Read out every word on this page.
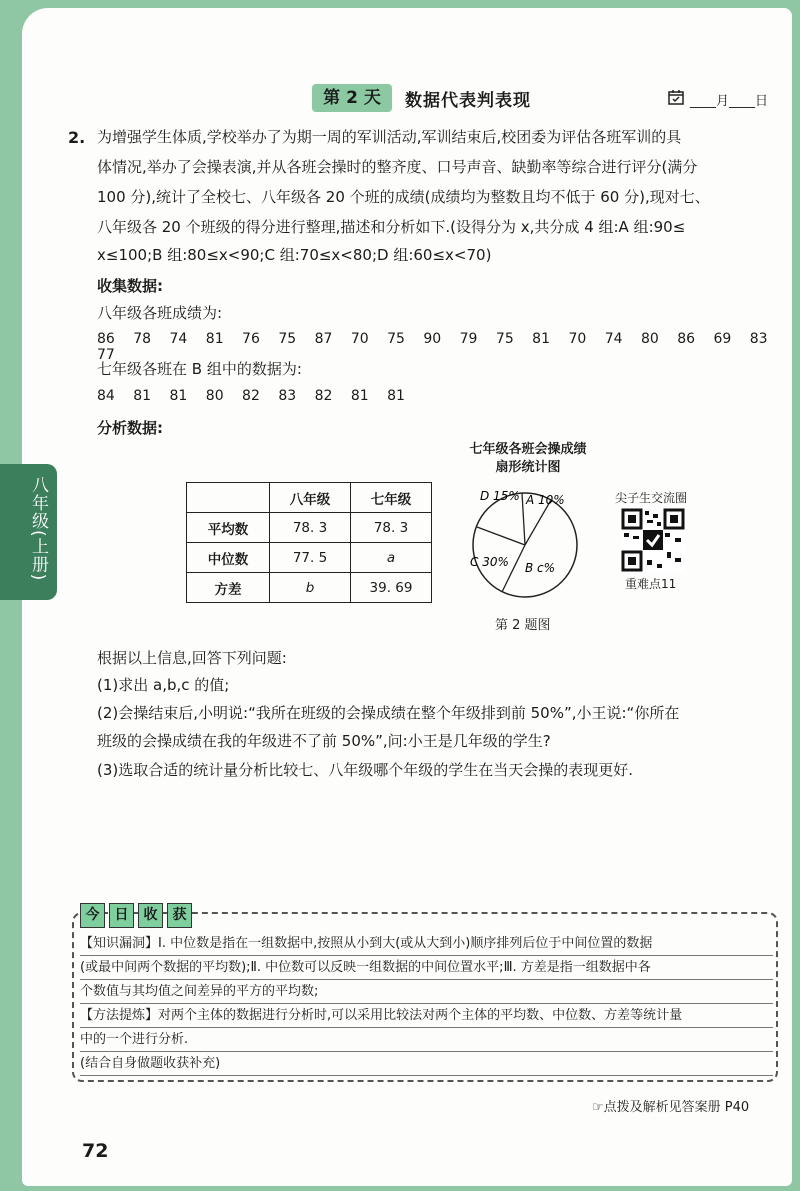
八年级(上册)
第 2 天	数据代表判表现	____月____日
2. 为增强学生体质,学校举办了为期一周的军训活动,军训结束后,校团委为评估各班军训的具
体情况,举办了会操表演,并从各班会操时的整齐度、口号声音、缺勤率等综合进行评分(满分
100 分),统计了全校七、八年级各 20 个班的成绩(成绩均为整数且均不低于 60 分),现对七、
八年级各 20 个班级的得分进行整理,描述和分析如下.(设得分为 x,共分成 4 组:A 组:90≤
x≤100;B 组:80≤x<90;C 组:70≤x<80;D 组:60≤x<70)
收集数据:
八年级各班成绩为:
86 78 74 81 76 75 87 70 75 90 79 75 81 70 74 80 86 69 83 77
七年级各班在 B 组中的数据为:
84 81 81 80 82 83 82 81 81
分析数据:
	八年级	七年级
平均数	78. 3	78. 3
中位数	77. 5	a
方差	b	39. 69
七年级各班会操成绩
扇形统计图
A 10%
B c%
C 30%
D 15%
第 2 题图
尖子生交流圈
重难点11
根据以上信息,回答下列问题:
(1)求出 a,b,c 的值;
(2)会操结束后,小明说:“我所在班级的会操成绩在整个年级排到前 50%”,小王说:“你所在
班级的会操成绩在我的年级进不了前 50%”,问:小王是几年级的学生?
(3)选取合适的统计量分析比较七、八年级哪个年级的学生在当天会操的表现更好.
今	日	收	获
【知识漏洞】Ⅰ. 中位数是指在一组数据中,按照从小到大(或从大到小)顺序排列后位于中间位置的数据
(或最中间两个数据的平均数);Ⅱ. 中位数可以反映一组数据的中间位置水平;Ⅲ. 方差是指一组数据中各
个数值与其均值之间差异的平方的平均数;
【方法提炼】对两个主体的数据进行分析时,可以采用比较法对两个主体的平均数、中位数、方差等统计量
中的一个进行分析.
(结合自身做题收获补充)
☞点拨及解析见答案册 P40
72
